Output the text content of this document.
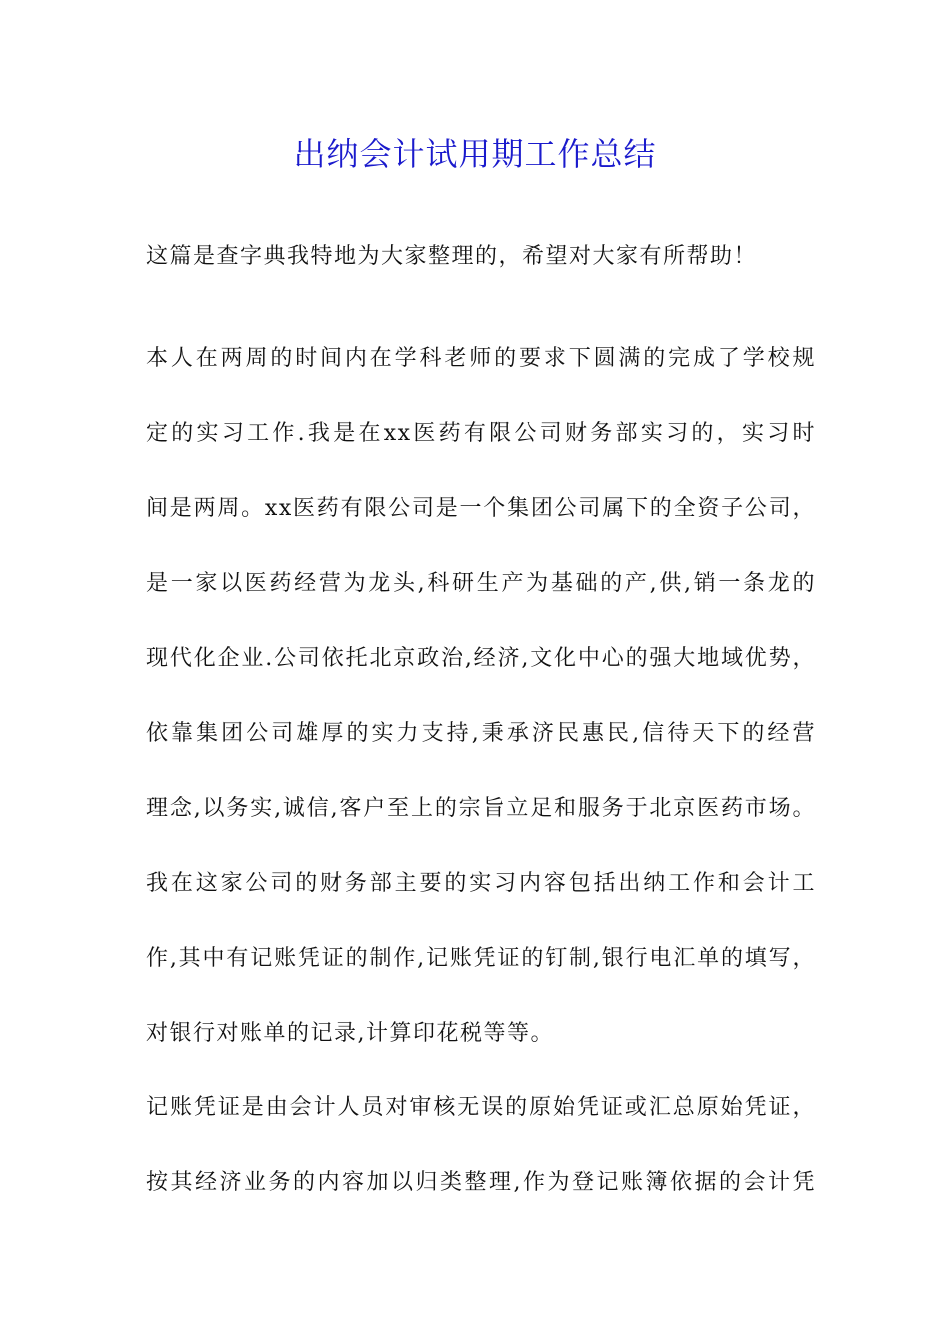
出纳会计试用期工作总结
这篇是查字典我特地为大家整理的，希望对大家有所帮助！
本人在两周的时间内在学科老师的要求下圆满的完成了学校规
定的实习工作.我是在xx医药有限公司财务部实习的，实习时
间是两周。xx医药有限公司是一个集团公司属下的全资子公司，
是一家以医药经营为龙头,科研生产为基础的产,供,销一条龙的
现代化企业.公司依托北京政治,经济,文化中心的强大地域优势，
依靠集团公司雄厚的实力支持,秉承济民惠民,信待天下的经营
理念,以务实,诚信,客户至上的宗旨立足和服务于北京医药市场。
我在这家公司的财务部主要的实习内容包括出纳工作和会计工
作,其中有记账凭证的制作,记账凭证的钉制,银行电汇单的填写，
对银行对账单的记录,计算印花税等等。
记账凭证是由会计人员对审核无误的原始凭证或汇总原始凭证，
按其经济业务的内容加以归类整理,作为登记账簿依据的会计凭
